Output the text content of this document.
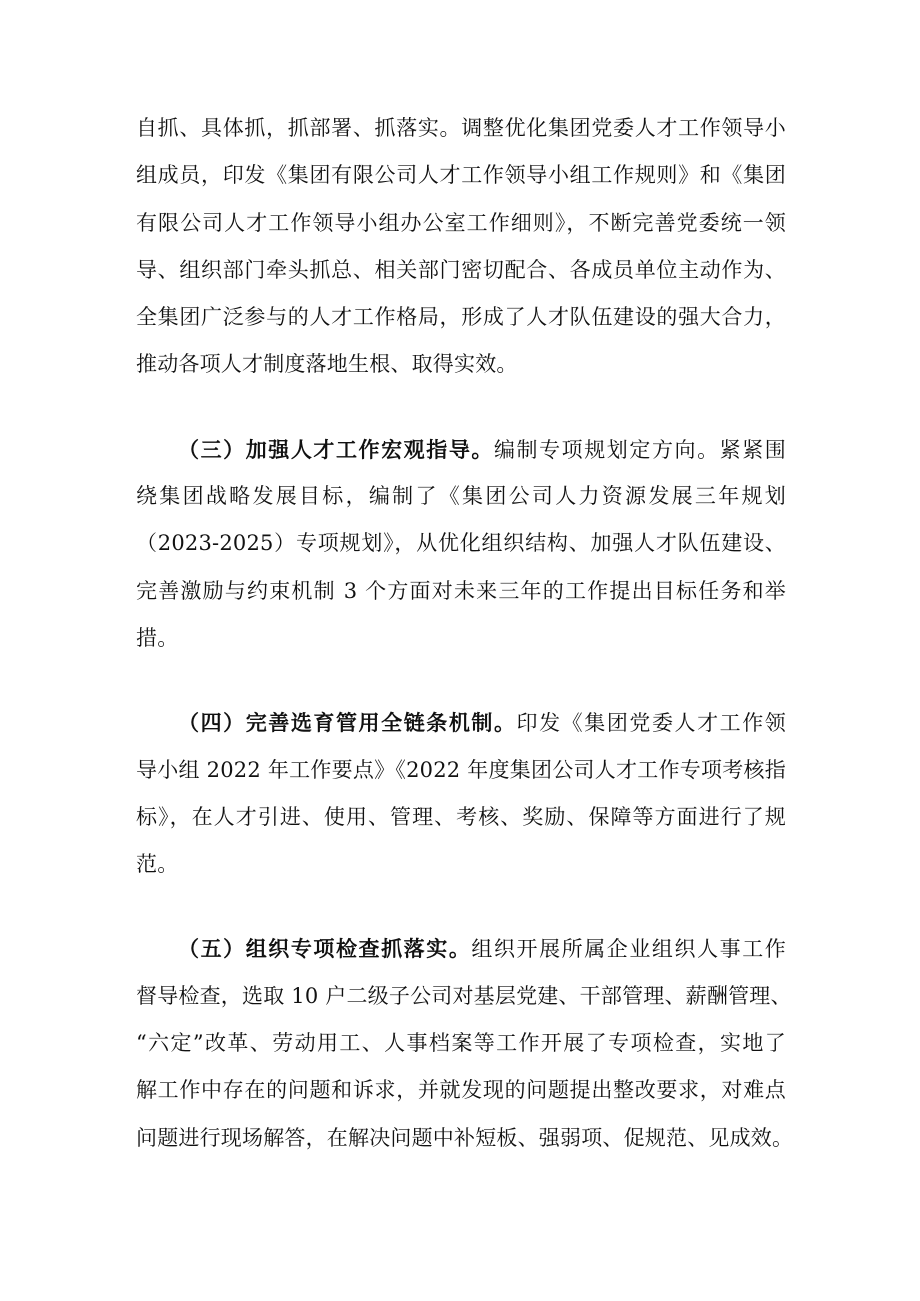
自抓、具体抓，抓部署、抓落实。调整优化集团党委人才工作领导小
组成员，印发《集团有限公司人才工作领导小组工作规则》和《集团
有限公司人才工作领导小组办公室工作细则》，不断完善党委统一领
导、组织部门牵头抓总、相关部门密切配合、各成员单位主动作为、
全集团广泛参与的人才工作格局，形成了人才队伍建设的强大合力，
推动各项人才制度落地生根、取得实效。
（三）加强人才工作宏观指导。编制专项规划定方向。紧紧围
绕集团战略发展目标，编制了《集团公司人力资源发展三年规划
（2023-2025）专项规划》，从优化组织结构、加强人才队伍建设、
完善激励与约束机制 3 个方面对未来三年的工作提出目标任务和举
措。
（四）完善选育管用全链条机制。印发《集团党委人才工作领
导小组 2022 年工作要点》《2022 年度集团公司人才工作专项考核指
标》，在人才引进、使用、管理、考核、奖励、保障等方面进行了规
范。
（五）组织专项检查抓落实。组织开展所属企业组织人事工作
督导检查，选取 10 户二级子公司对基层党建、干部管理、薪酬管理、
“六定”改革、劳动用工、人事档案等工作开展了专项检查，实地了
解工作中存在的问题和诉求，并就发现的问题提出整改要求，对难点
问题进行现场解答，在解决问题中补短板、强弱项、促规范、见成效。
